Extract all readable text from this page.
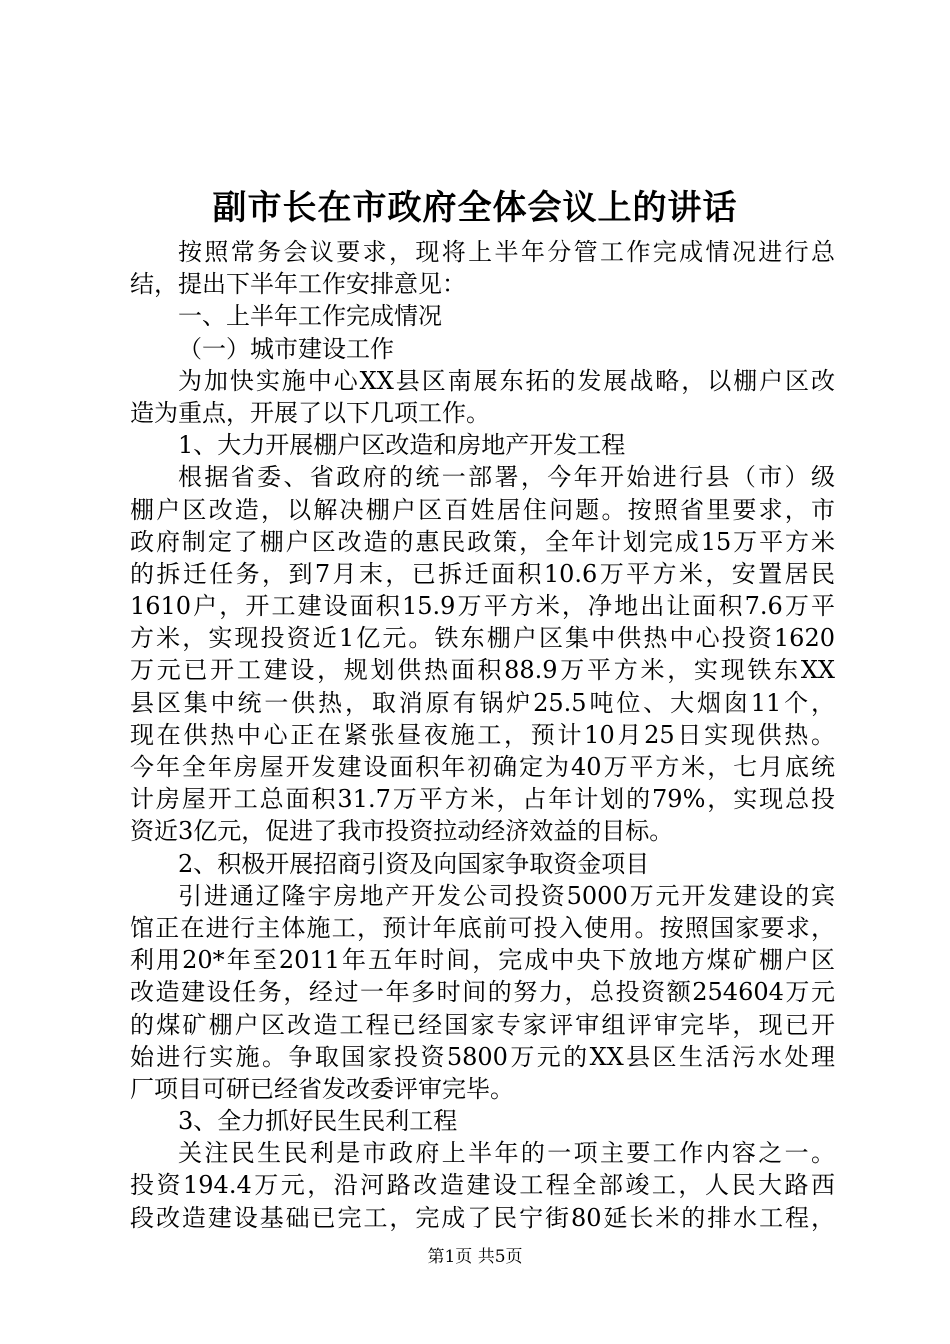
副市长在市政府全体会议上的讲话
按照常务会议要求，现将上半年分管工作完成情况进行总
结，提出下半年工作安排意见：
一、上半年工作完成情况
（一）城市建设工作
为加快实施中心XX县区南展东拓的发展战略，以棚户区改
造为重点，开展了以下几项工作。
1、大力开展棚户区改造和房地产开发工程
根据省委、省政府的统一部署，今年开始进行县（市）级
棚户区改造，以解决棚户区百姓居住问题。按照省里要求，市
政府制定了棚户区改造的惠民政策，全年计划完成15万平方米
的拆迁任务，到7月末，已拆迁面积10.6万平方米，安置居民
1610户，开工建设面积15.9万平方米，净地出让面积7.6万平
方米，实现投资近1亿元。铁东棚户区集中供热中心投资1620
万元已开工建设，规划供热面积88.9万平方米，实现铁东XX
县区集中统一供热，取消原有锅炉25.5吨位、大烟囱11个，
现在供热中心正在紧张昼夜施工，预计10月25日实现供热。
今年全年房屋开发建设面积年初确定为40万平方米，七月底统
计房屋开工总面积31.7万平方米，占年计划的79%，实现总投
资近3亿元，促进了我市投资拉动经济效益的目标。
2、积极开展招商引资及向国家争取资金项目
引进通辽隆宇房地产开发公司投资5000万元开发建设的宾
馆正在进行主体施工，预计年底前可投入使用。按照国家要求，
利用20*年至2011年五年时间，完成中央下放地方煤矿棚户区
改造建设任务，经过一年多时间的努力，总投资额254604万元
的煤矿棚户区改造工程已经国家专家评审组评审完毕，现已开
始进行实施。争取国家投资5800万元的XX县区生活污水处理
厂项目可研已经省发改委评审完毕。
3、全力抓好民生民利工程
关注民生民利是市政府上半年的一项主要工作内容之一。
投资194.4万元，沿河路改造建设工程全部竣工，人民大路西
段改造建设基础已完工，完成了民宁街80延长米的排水工程，
第1页 共5页
